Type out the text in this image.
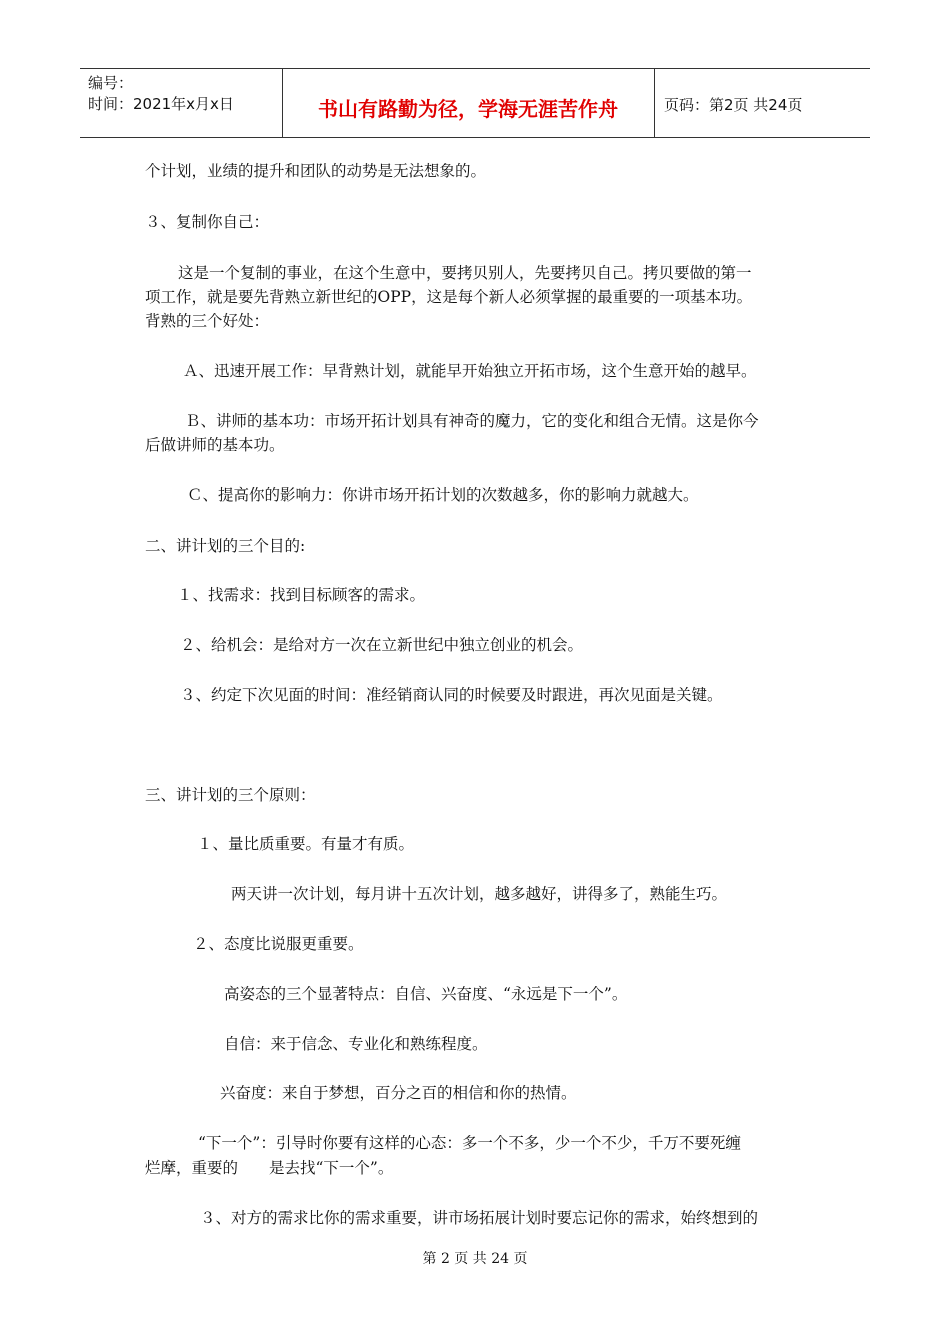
编号：
时间：2021年x月x日	书山有路勤为径，学海无涯苦作舟	页码：第2页 共24页
个计划，业绩的提升和团队的动势是无法想象的。
３、复制你自己：
这是一个复制的事业，在这个生意中，要拷贝别人，先要拷贝自己。拷贝要做的第一
项工作，就是要先背熟立新世纪的OPP，这是每个新人必须掌握的最重要的一项基本功。
背熟的三个好处：
Ａ、迅速开展工作：早背熟计划，就能早开始独立开拓市场，这个生意开始的越早。
Ｂ、讲师的基本功：市场开拓计划具有神奇的魔力，它的变化和组合无情。这是你今
后做讲师的基本功。
Ｃ、提高你的影响力：你讲市场开拓计划的次数越多，你的影响力就越大。
二、讲计划的三个目的:
１、找需求：找到目标顾客的需求。
２、给机会：是给对方一次在立新世纪中独立创业的机会。
３、约定下次见面的时间：准经销商认同的时候要及时跟进，再次见面是关键。
三、讲计划的三个原则：
１、量比质重要。有量才有质。
两天讲一次计划，每月讲十五次计划，越多越好，讲得多了，熟能生巧。
２、态度比说服更重要。
高姿态的三个显著特点：自信、兴奋度、“永远是下一个”。
自信：来于信念、专业化和熟练程度。
兴奋度：来自于梦想，百分之百的相信和你的热情。
“下一个”：引导时你要有这样的心态：多一个不多，少一个不少，千万不要死缠
烂摩，重要的　　是去找“下一个”。
３、对方的需求比你的需求重要，讲市场拓展计划时要忘记你的需求，始终想到的
第 2 页 共 24 页
